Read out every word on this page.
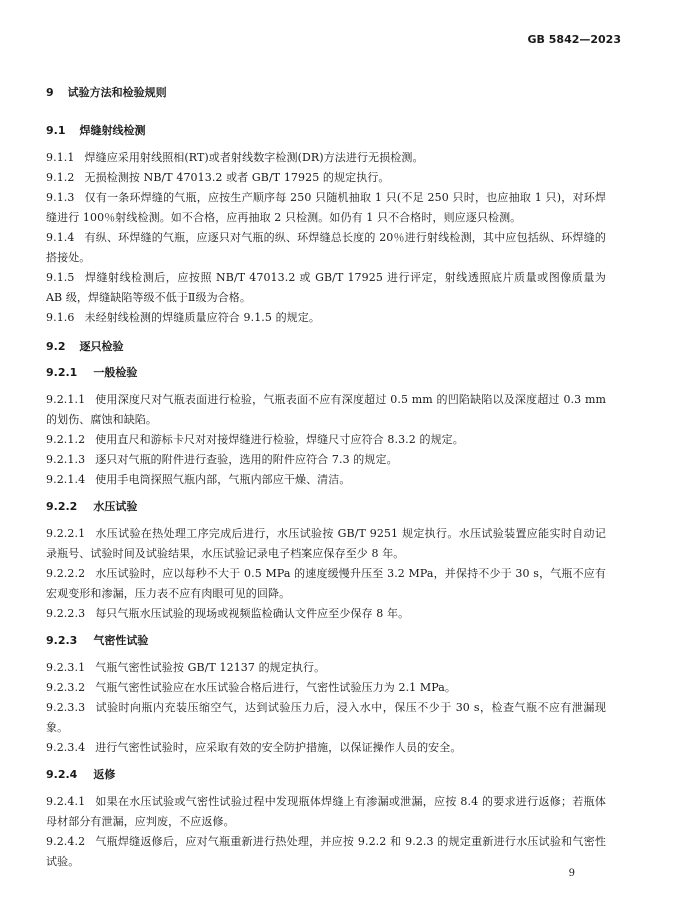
GB 5842—2023
9 试验方法和检验规则
9.1 焊缝射线检测
9.1.1 焊缝应采用射线照相(RT)或者射线数字检测(DR)方法进行无损检测。
9.1.2 无损检测按 NB/T 47013.2 或者 GB/T 17925 的规定执行。
9.1.3 仅有一条环焊缝的气瓶，应按生产顺序每 250 只随机抽取 1 只(不足 250 只时，也应抽取 1 只)，对环焊缝进行 100％射线检测。如不合格，应再抽取 2 只检测。如仍有 1 只不合格时，则应逐只检测。
9.1.4 有纵、环焊缝的气瓶，应逐只对气瓶的纵、环焊缝总长度的 20％进行射线检测，其中应包括纵、环焊缝的搭接处。
9.1.5 焊缝射线检测后，应按照 NB/T 47013.2 或 GB/T 17925 进行评定，射线透照底片质量或图像质量为 AB 级，焊缝缺陷等级不低于Ⅱ级为合格。
9.1.6 未经射线检测的焊缝质量应符合 9.1.5 的规定。
9.2 逐只检验
9.2.1 一般检验
9.2.1.1 使用深度尺对气瓶表面进行检验，气瓶表面不应有深度超过 0.5 mm 的凹陷缺陷以及深度超过 0.3 mm 的划伤、腐蚀和缺陷。
9.2.1.2 使用直尺和游标卡尺对对接焊缝进行检验，焊缝尺寸应符合 8.3.2 的规定。
9.2.1.3 逐只对气瓶的附件进行查验，选用的附件应符合 7.3 的规定。
9.2.1.4 使用手电筒探照气瓶内部，气瓶内部应干燥、清洁。
9.2.2 水压试验
9.2.2.1 水压试验在热处理工序完成后进行，水压试验按 GB/T 9251 规定执行。水压试验装置应能实时自动记录瓶号、试验时间及试验结果，水压试验记录电子档案应保存至少 8 年。
9.2.2.2 水压试验时，应以每秒不大于 0.5 MPa 的速度缓慢升压至 3.2 MPa，并保持不少于 30 s，气瓶不应有宏观变形和渗漏，压力表不应有肉眼可见的回降。
9.2.2.3 每只气瓶水压试验的现场或视频监检确认文件应至少保存 8 年。
9.2.3 气密性试验
9.2.3.1 气瓶气密性试验按 GB/T 12137 的规定执行。
9.2.3.2 气瓶气密性试验应在水压试验合格后进行，气密性试验压力为 2.1 MPa。
9.2.3.3 试验时向瓶内充装压缩空气，达到试验压力后，浸入水中，保压不少于 30 s，检查气瓶不应有泄漏现象。
9.2.3.4 进行气密性试验时，应采取有效的安全防护措施，以保证操作人员的安全。
9.2.4 返修
9.2.4.1 如果在水压试验或气密性试验过程中发现瓶体焊缝上有渗漏或泄漏，应按 8.4 的要求进行返修；若瓶体母材部分有泄漏，应判废，不应返修。
9.2.4.2 气瓶焊缝返修后，应对气瓶重新进行热处理，并应按 9.2.2 和 9.2.3 的规定重新进行水压试验和气密性试验。
9
